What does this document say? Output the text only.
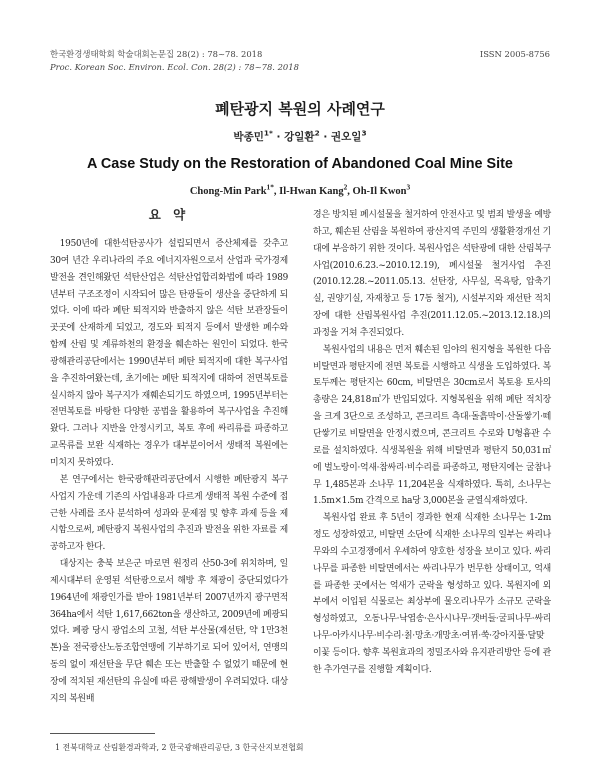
한국환경생태학회 학술대회논문집 28(2) : 78~78. 2018	ISSN 2005-8756
Proc. Korean Soc. Environ. Ecol. Con. 28(2) : 78~78. 2018
폐탄광지 복원의 사례연구
박종민$^{1*}$ · 강일환$^2$ · 권오일$^3$
A Case Study on the Restoration of Abandoned Coal Mine Site
Chong-Min Park$^{1*}$, Il-Hwan Kang$^2$, Oh-Il Kwon$^3$
요 약

1950년에 대한석탄공사가 설립되면서 증산체제를 갖추고 30여 년간 우리나라의 주요 에너지자원으로서 산업과 국가경제 발전을 견인해왔던 석탄산업은 석탄산업합리화법에 따라 1989년부터 구조조정이 시작되어 많은 탄광들이 생산을 중단하게 되었다. 이에 따라 폐탄 퇴적지와 반출하지 않은 석탄 보관장들이 곳곳에 산재하게 되었고, 경도와 퇴적지 등에서 발생한 폐수와 함께 산림 및 계류하천의 환경을 훼손하는 원인이 되었다. 한국광해관리공단에서는 1990년부터 폐탄 퇴적지에 대한 복구사업을 추진하여왔는데, 초기에는 폐탄 퇴적지에 대하여 전면복토를 실시하지 않아 복구지가 재훼손되기도 하였으며, 1995년부터는 전면복토를 바탕한 다양한 공법을 활용하여 복구사업을 추진해왔다. 그러나 지반을 안정시키고, 복토 후에 싸리류를 파종하고 교목류를 보완 식재하는 경우가 대부분이어서 생태적 복원에는 미치지 못하였다.

본 연구에서는 한국광해관리공단에서 시행한 폐탄광지 복구사업지 가운데 기존의 사업내용과 다르게 생태적 복원 수준에 접근한 사례를 조사 분석하여 성과와 문제점 및 향후 과제 등을 제시함으로써, 폐탄광지 복원사업의 추진과 발전을 위한 자료를 제공하고자 한다.

대상지는 충북 보은군 마로면 원정리 산50-3에 위치하며, 일제시대부터 운영된 석탄광으로서 해방 후 채광이 중단되었다가 1964년에 채광인가를 받아 1981년부터 2007년까지 광구면적 364ha에서 석탄 1,617,662ton을 생산하고, 2009년에 폐광되었다. 폐광 당시 광업소의 고철, 석탄 부산물(재선탄, 약 1만3천톤)을 전국광산노동조합연맹에 기부하기로 되어 있어서, 연맹의 동의 없이 재선탄을 무단 훼손 또는 반출할 수 없었기 때문에 현장에 적치된 재선탄의 유실에 따른 광해발생이 우려되었다. 대상지의 복원배

경은 방치된 폐시설물을 철거하여 안전사고 및 범죄 발생을 예방하고, 훼손된 산림을 복원하여 광산지역 주민의 생활환경개선 기대에 부응하기 위한 것이다. 복원사업은 석탄광에 대한 산림복구사업(2010.6.23.~2010.12.19), 폐시설물 철거사업 추진(2010.12.28.~2011.05.13. 선탄장, 사무실, 목욕탕, 압축기실, 권양기실, 자재창고 등 17동 철거), 시설부지와 재선탄 적치장에 대한 산림복원사업 추진(2011.12.05.~2013.12.18.)의 과정을 거쳐 추진되었다.

복원사업의 내용은 먼저 훼손된 임야의 원지형을 복원한 다음 비탈면과 평탄지에 전면 복토를 시행하고 식생을 도입하였다. 복토두께는 평탄지는 60cm, 비탈면은 30cm로서 복토용 토사의 총량은 24,818㎥가 반입되었다. 지형복원을 위해 폐탄 적치장을 크게 3단으로 조성하고, 콘크리트 측대·돌흙막이·산돌쌓기·떼단쌓기로 비탈면을 안정시켰으며, 콘크리트 수로와 U형흄관 수로를 설치하였다. 식생복원을 위해 비탈면과 평탄지 50,031㎡에 벌노랑이·억새·참싸리·비수리를 파종하고, 평탄지에는 굴참나무 1,485본과 소나무 11,204본을 식재하였다. 특히, 소나무는 1.5m×1.5m 간격으로 ha당 3,000본을 균열식재하였다.

복원사업 완료 후 5년이 경과한 현재 식재한 소나무는 1-2m 정도 성장하였고, 비탈면 소단에 식재한 소나무의 일부는 싸리나무와의 수고경쟁에서 우세하여 양호한 성장을 보이고 있다. 싸리나무를 파종한 비탈면에서는 싸리나무가 번무한 상태이고, 억새를 파종한 곳에서는 억새가 군락을 형성하고 있다. 복원지에 외부에서 이입된 식물로는 최상부에 물오리나무가 소규모 군락을 형성하였고, 오동나무·낙엽송·은사시나무·갯버들·굴피나무·싸리나무·아카시나무·비수리·칡·망초·개망초·여뀌·쑥·강아지풀·달맞이꽃 등이다. 향후 복원효과의 정밀조사와 유지관리방안 등에 관한 추가연구를 진행할 계획이다.

1 전북대학교 산림환경과학과, 2 한국광해관리공단, 3 한국산지보전협회
